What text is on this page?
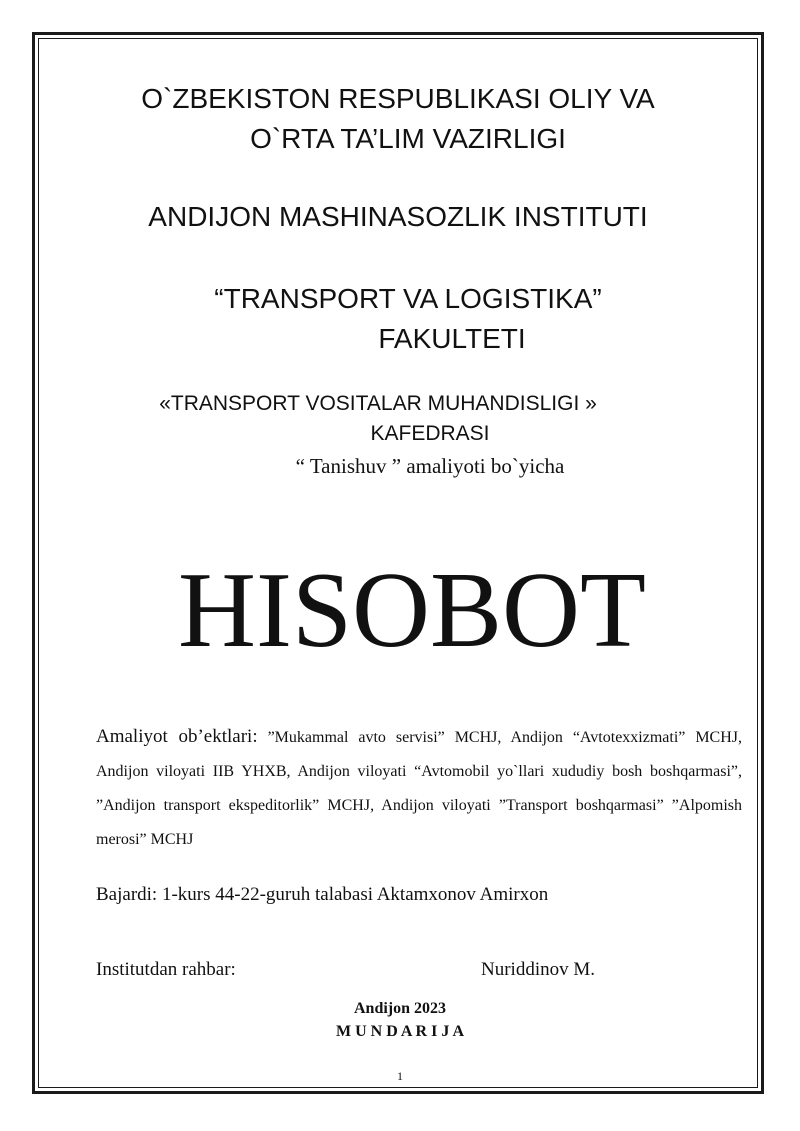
O`ZBEKISTON RESPUBLIKASI OLIY VA
O`RTA TA’LIM VAZIRLIGI
ANDIJON MASHINASOZLIK INSTITUTI
“TRANSPORT VA LOGISTIKA”
FAKULTETI
«TRANSPORT VOSITALAR MUHANDISLIGI »
KAFEDRASI
“ Tanishuv ” amaliyoti bo`yicha
HISOBOT
Amaliyot ob’ektlari: ”Mukammal avto servisi” MCHJ, Andijon “Avtotexxizmati” MCHJ, Andijon viloyati IIB YHXB, Andijon viloyati “Avtomobil yo`llari xududiy bosh boshqarmasi”, ”Andijon transport ekspeditorlik” MCHJ, Andijon viloyati ”Transport boshqarmasi” ”Alpomish merosi” MCHJ
Bajardi: 1-kurs 44-22-guruh talabasi Aktamxonov Amirxon
Institutdan rahbar:	Nuriddinov M.
Andijon 2023
M U N D A R I J A
1
